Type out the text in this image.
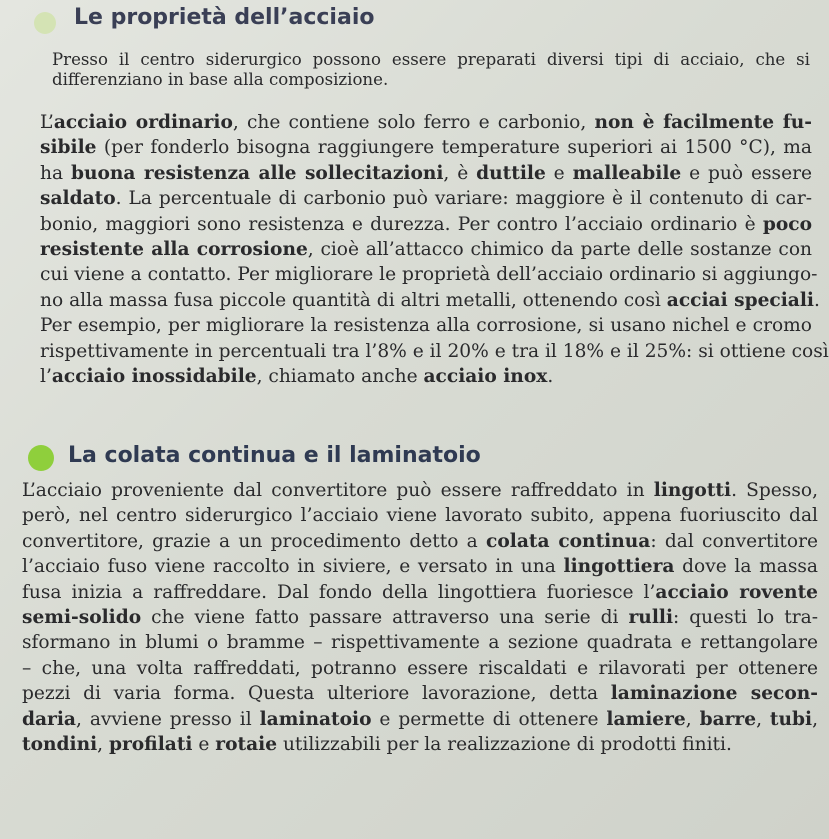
Le proprietà dell’acciaio
Presso il centro siderurgico possono essere preparati diversi tipi di acciaio, che si
differenziano in base alla composizione.
L’acciaio ordinario, che contiene solo ferro e carbonio, non è facilmente fu-
sibile (per fonderlo bisogna raggiungere temperature superiori ai 1500 °C), ma
ha buona resistenza alle sollecitazioni, è duttile e malleabile e può essere
saldato. La percentuale di carbonio può variare: maggiore è il contenuto di car-
bonio, maggiori sono resistenza e durezza. Per contro l’acciaio ordinario è poco
resistente alla corrosione, cioè all’attacco chimico da parte delle sostanze con
cui viene a contatto. Per migliorare le proprietà dell’acciaio ordinario si aggiungo-
no alla massa fusa piccole quantità di altri metalli, ottenendo così acciai speciali.
Per esempio, per migliorare la resistenza alla corrosione, si usano nichel e cromo
rispettivamente in percentuali tra l’8% e il 20% e tra il 18% e il 25%: si ottiene così
l’acciaio inossidabile, chiamato anche acciaio inox.
La colata continua e il laminatoio
L’acciaio proveniente dal convertitore può essere raffreddato in lingotti. Spesso,
però, nel centro siderurgico l’acciaio viene lavorato subito, appena fuoriuscito dal
convertitore, grazie a un procedimento detto a colata continua: dal convertitore
l’acciaio fuso viene raccolto in siviere, e versato in una lingottiera dove la massa
fusa inizia a raffreddare. Dal fondo della lingottiera fuoriesce l’acciaio rovente
semi-solido che viene fatto passare attraverso una serie di rulli: questi lo tra-
sformano in blumi o bramme – rispettivamente a sezione quadrata e rettangolare
– che, una volta raffreddati, potranno essere riscaldati e rilavorati per ottenere
pezzi di varia forma. Questa ulteriore lavorazione, detta laminazione secon-
daria, avviene presso il laminatoio e permette di ottenere lamiere, barre, tubi,
tondini, profilati e rotaie utilizzabili per la realizzazione di prodotti finiti.
